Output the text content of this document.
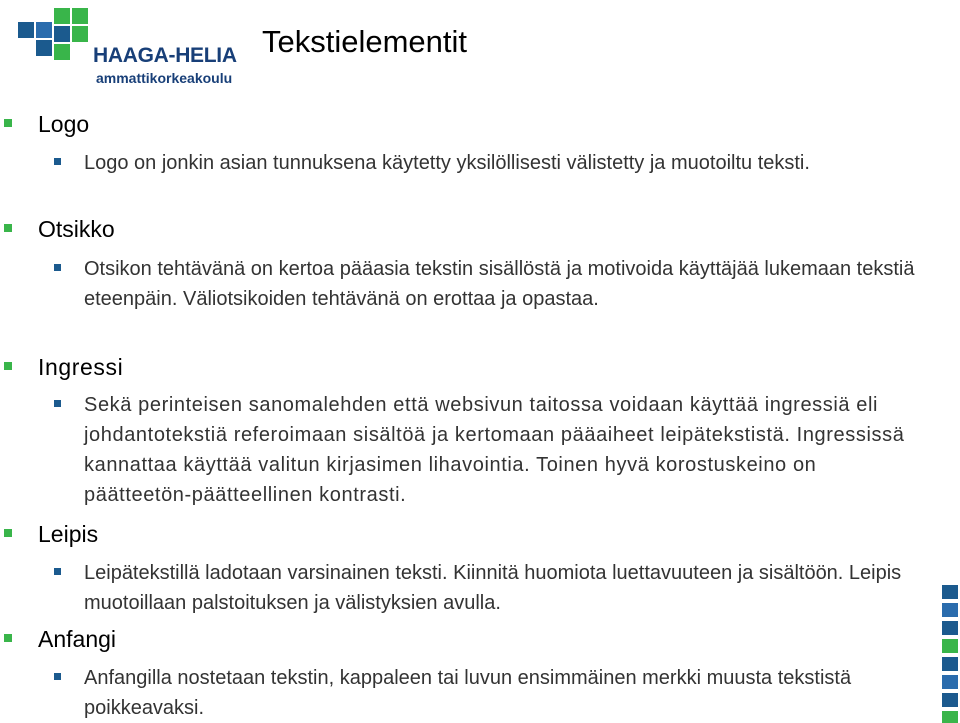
HAAGA-HELIA
ammattikorkeakoulu
Tekstielementit
Logo
Logo on jonkin asian tunnuksena käytetty yksilöllisesti välistetty ja muotoiltu teksti.
Otsikko
Otsikon tehtävänä on kertoa pääasia tekstin sisällöstä ja motivoida käyttäjää lukemaan tekstiä eteenpäin. Väliotsikoiden tehtävänä on erottaa ja opastaa.
Ingressi
Sekä perinteisen sanomalehden että websivun taitossa voidaan käyttää ingressiä eli johdantotekstiä referoimaan sisältöä ja kertomaan pääaiheet leipätekstistä. Ingressissä kannattaa käyttää valitun kirjasimen lihavointia. Toinen hyvä korostuskeino on päätteetön-päätteellinen kontrasti.
Leipis
Leipätekstillä ladotaan varsinainen teksti. Kiinnitä huomiota luettavuuteen ja sisältöön. Leipis muotoillaan palstoituksen ja välistyksien avulla.
Anfangi
Anfangilla nostetaan tekstin, kappaleen tai luvun ensimmäinen merkki muusta tekstistä poikkeavaksi.
